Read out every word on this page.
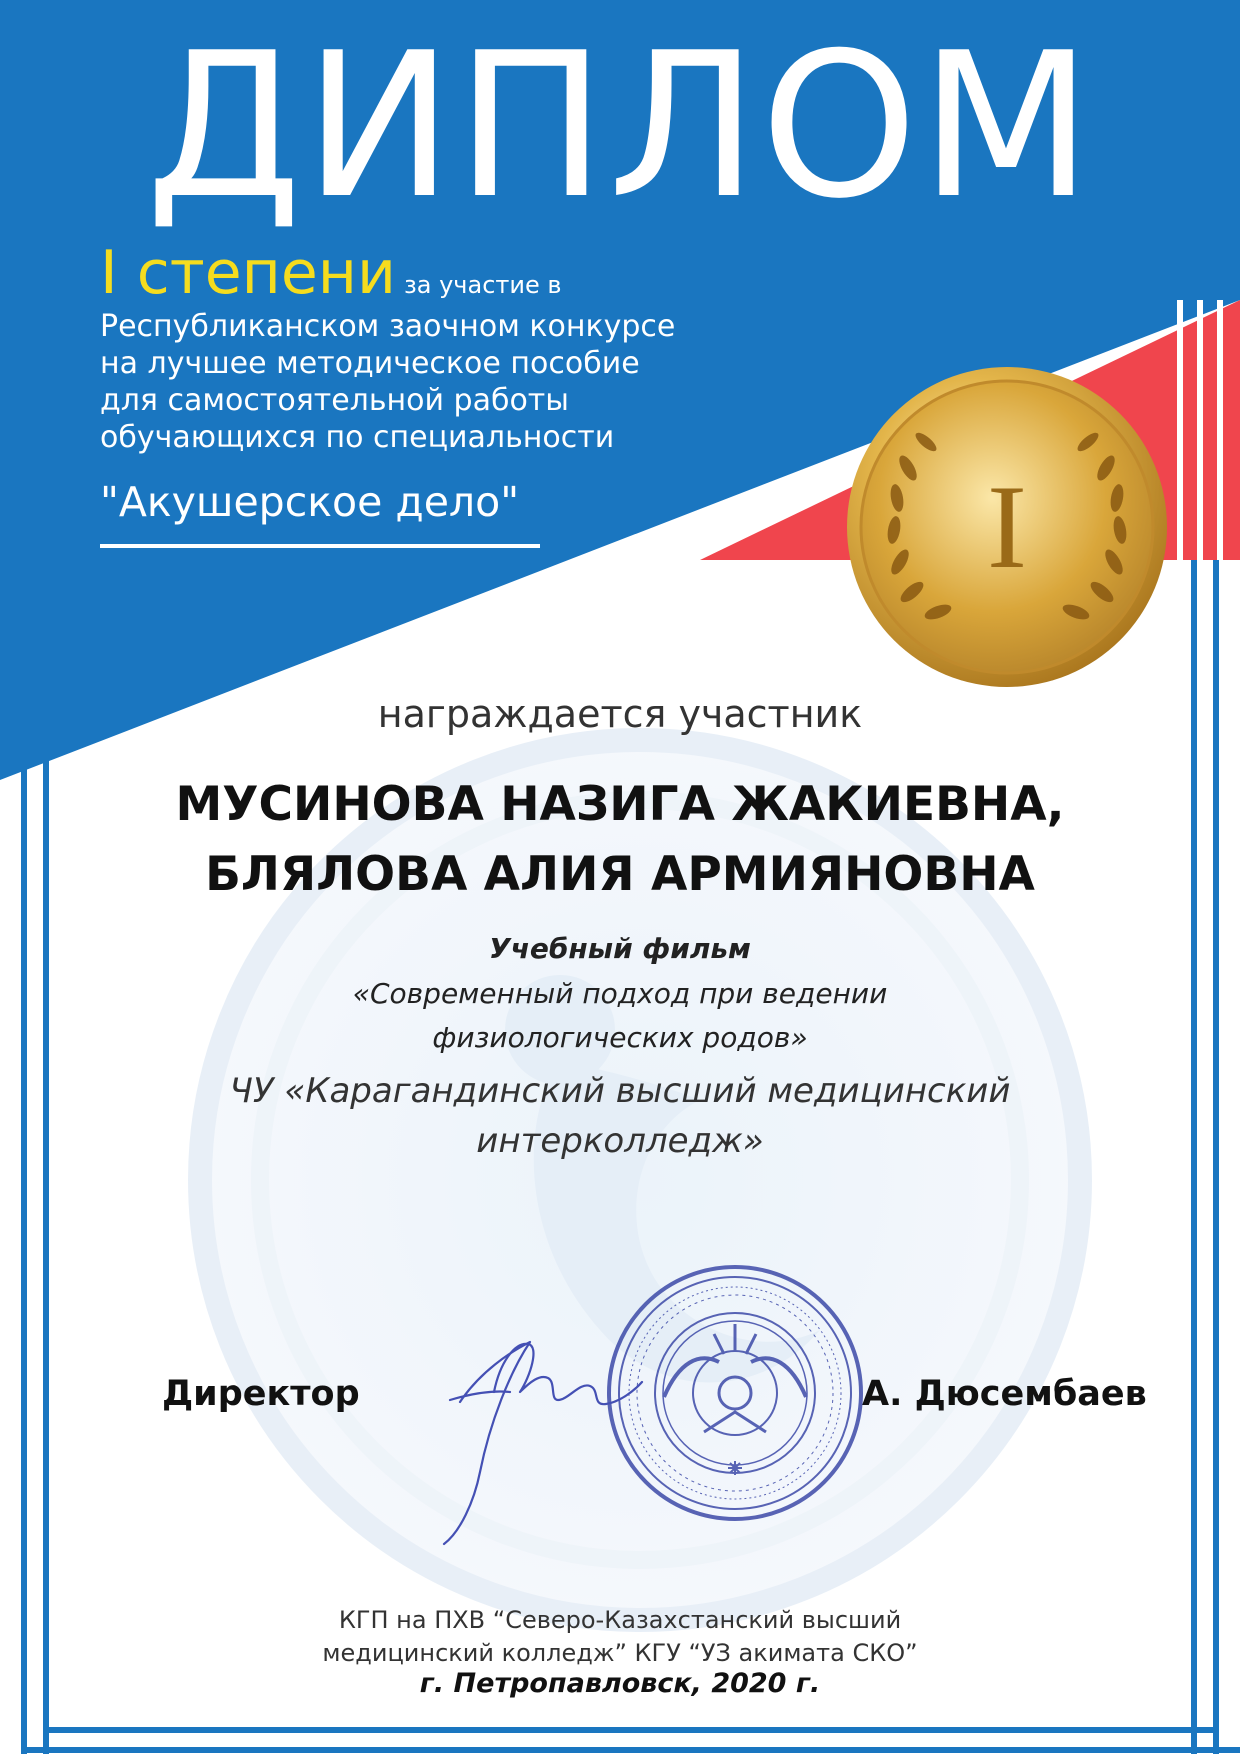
ДИПЛОМ
I степени за участие в
Республиканском заочном конкурсе
на лучшее методическое пособие
для самостоятельной работы
обучающихся по специальности
"Акушерское дело"	I
награждается участник
МУСИНОВА НАЗИГА ЖАКИЕВНА,
БЛЯЛОВА АЛИЯ АРМИЯНОВНА
Учебный фильм
«Современный подход при ведении
физиологических родов»
ЧУ «Карагандинский высший медицинский
интерколледж»
Директор	А. Дюсембаев
КГП на ПХВ “Северо-Казахстанский высший
медицинский колледж” КГУ “УЗ акимата СКО”
г. Петропавловск, 2020 г.
